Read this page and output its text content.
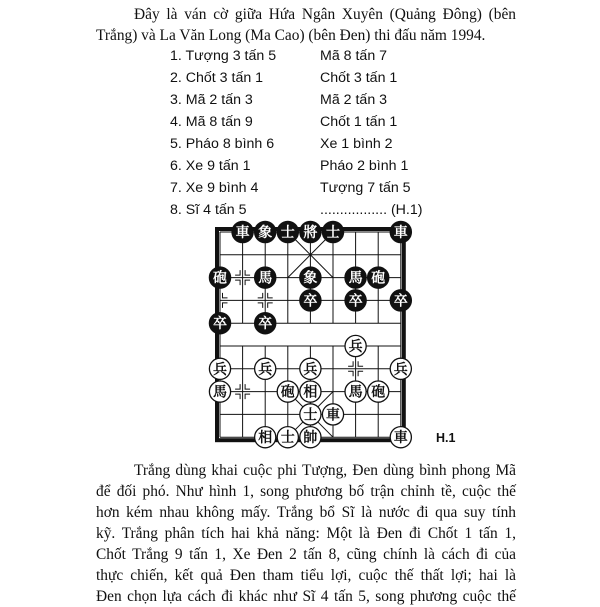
Đây là ván cờ giữa Hứa Ngân Xuyên (Quảng Đông) (bên
Trắng) và La Văn Long (Ma Cao) (bên Đen) thi đấu năm 1994.
1. Tượng 3 tấn 5	Mã 8 tấn 7
2. Chốt 3 tấn 1	Chốt 3 tấn 1
3. Mã 2 tấn 3	Mã 2 tấn 3
4. Mã 8 tấn 9	Chốt 1 tấn 1
5. Pháo 8 bình 6	Xe 1 bình 2
6. Xe 9 tấn 1	Pháo 2 bình 1
7. Xe 9 bình 4	Tượng 7 tấn 5
8. Sĩ 4 tấn 5	................. (H.1)
車 象 士 將 士	車
砲 馬 象 馬 砲
卒 卒 卒
卒 卒
兵
兵 兵 兵	兵
馬	砲 相 馬 砲
士 車
相 士 帥	車 H.1
Trắng dùng khai cuộc phi Tượng, Đen dùng bình phong Mã
để đối phó. Như hình 1, song phương bố trận chỉnh tề, cuộc thế
hơn kém nhau không mấy. Trắng bổ Sĩ là nước đi qua suy tính
kỹ. Trắng phân tích hai khả năng: Một là Đen đi Chốt 1 tấn 1,
Chốt Trắng 9 tấn 1, Xe Đen 2 tấn 8, cũng chính là cách đi của
thực chiến, kết quả Đen tham tiểu lợi, cuộc thế thất lợi; hai là
Đen chọn lựa cách đi khác như Sĩ 4 tấn 5, song phương cuộc thế
